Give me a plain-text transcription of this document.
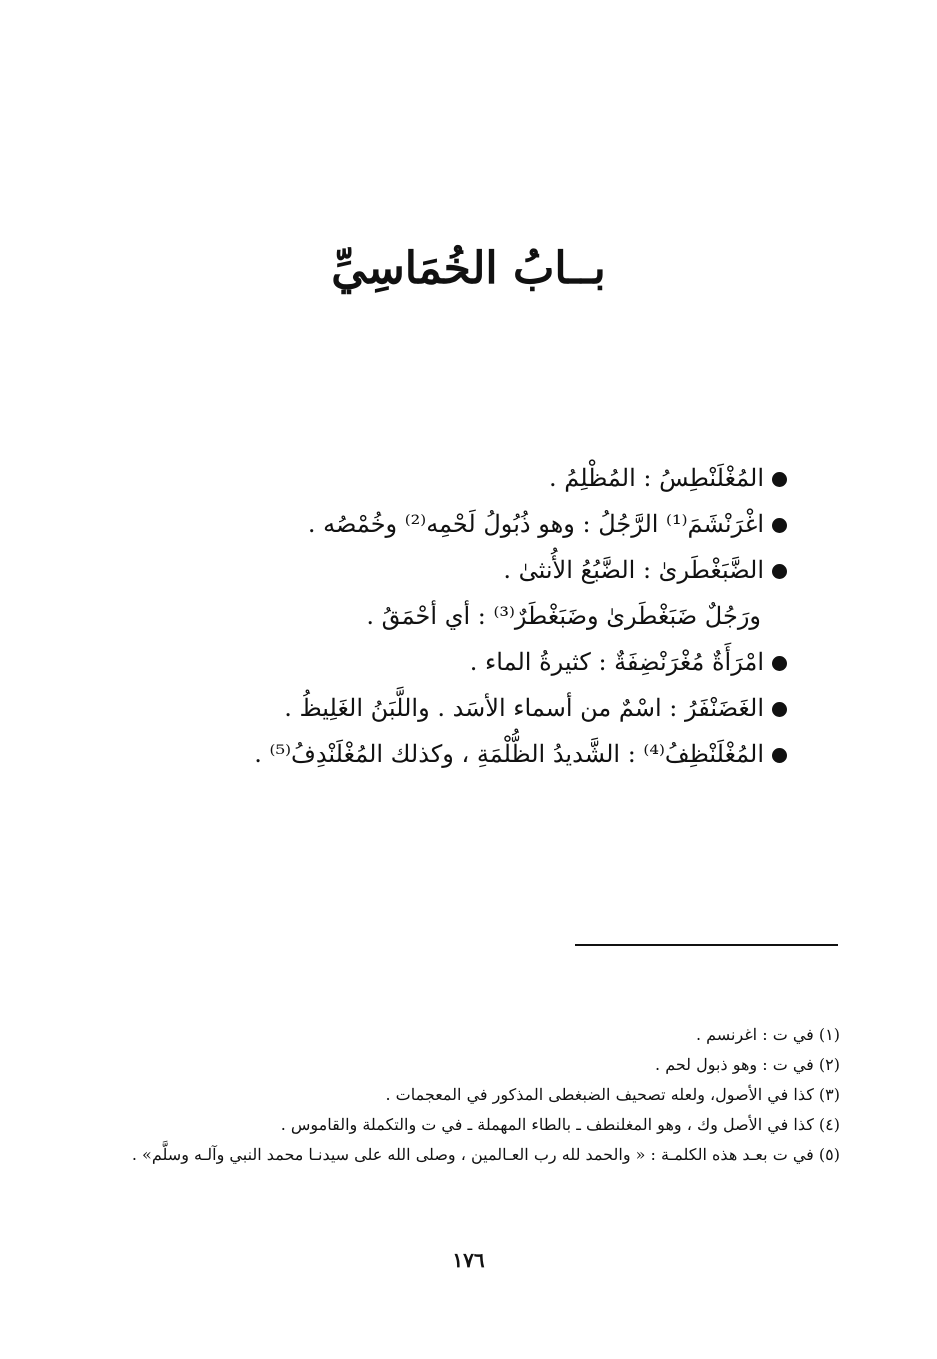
بــابُ الخُمَاسِيِّ

المُغْلَنْطِسُ : المُظْلِمُ .

اغْرَنْشَمَ⁽¹⁾ الرَّجُلُ : وهو ذُبُولُ لَحْمِه⁽²⁾ وخُمْصُه .

الضَّبَغْطَرىٰ : الضَّبُعُ الأُنثىٰ .

ورَجُلٌ ضَبَغْطَرىٰ وضَبَغْطَرٌ⁽³⁾ : أي أحْمَقُ .

امْرَأَةٌ مُغْرَنْضِفَةٌ : كثيرةُ الماء .

الغَضَنْفَرُ : اسْمٌ من أسماء الأسَد . واللَّبَنُ الغَلِيظُ .

المُغْلَنْظِفُ⁽⁴⁾ : الشَّديدُ الظُّلْمَةِ ، وكذلك المُغْلَنْدِفُ⁽⁵⁾ .

(١) في ت : اغرنسم .

(٢) في ت : وهو ذبول لحم .

(٣) كذا في الأصول، ولعله تصحيف الضبغطى المذكور في المعجمات .

(٤) كذا في الأصل وك ، وهو المغلنطف ـ بالطاء المهملة ـ في ت والتكملة والقاموس .

(٥) في ت بعـد هذه الكلمـة : « والحمد لله رب العـالمين ، وصلى الله على سيدنـا محمد النبي وآلـه وسلَّم» .

١٧٦
